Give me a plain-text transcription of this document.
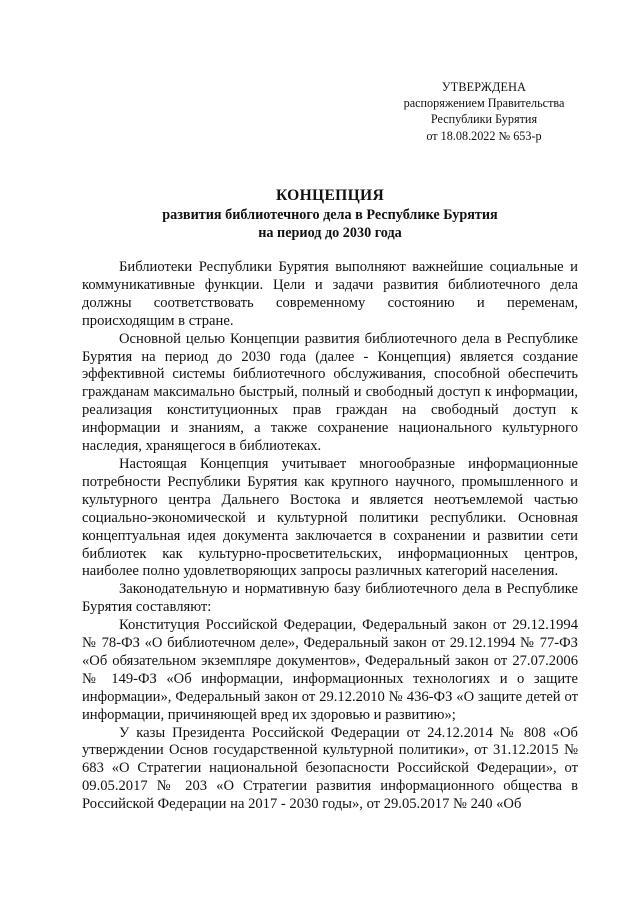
УТВЕРЖДЕНА
распоряжением Правительства
Республики Бурятия
от 18.08.2022 № 653-р
КОНЦЕПЦИЯ
развития библиотечного дела в Республике Бурятия
на период до 2030 года

Библиотеки Республики Бурятия выполняют важнейшие социальные и коммуникативные функции. Цели и задачи развития библиотечного дела должны соответствовать современному состоянию и переменам, происходящим в стране.

Основной целью Концепции развития библиотечного дела в Республике Бурятия на период до 2030 года (далее - Концепция) является создание эффективной системы библиотечного обслуживания, способной обеспечить гражданам максимально быстрый, полный и свободный доступ к информации, реализация конституционных прав граждан на свободный доступ к информации и знаниям, а также сохранение национального культурного наследия, хранящегося в библиотеках.

Настоящая Концепция учитывает многообразные информационные потребности Республики Бурятия как крупного научного, промышленного и культурного центра Дальнего Востока и является неотъемлемой частью социально-экономической и культурной политики республики. Основная концептуальная идея документа заключается в сохранении и развитии сети библиотек как культурно-просветительских, информационных центров, наиболее полно удовлетворяющих запросы различных категорий населения.

Законодательную и нормативную базу библиотечного дела в Республике Бурятия составляют:

Конституция Российской Федерации, Федеральный закон от 29.12.1994 № 78-ФЗ «О библиотечном деле», Федеральный закон от 29.12.1994 № 77-ФЗ «Об обязательном экземпляре документов», Федеральный закон от 27.07.2006 № 149-ФЗ «Об информации, информационных технологиях и о защите информации», Федеральный закон от 29.12.2010 № 436-ФЗ «О защите детей от информации, причиняющей вред их здоровью и развитию»;

У казы Президента Российской Федерации от 24.12.2014 № 808 «Об утверждении Основ государственной культурной политики», от 31.12.2015 № 683 «О Стратегии национальной безопасности Российской Федерации», от 09.05.2017 № 203 «О Стратегии развития информационного общества в Российской Федерации на 2017 - 2030 годы», от 29.05.2017 № 240 «Об
